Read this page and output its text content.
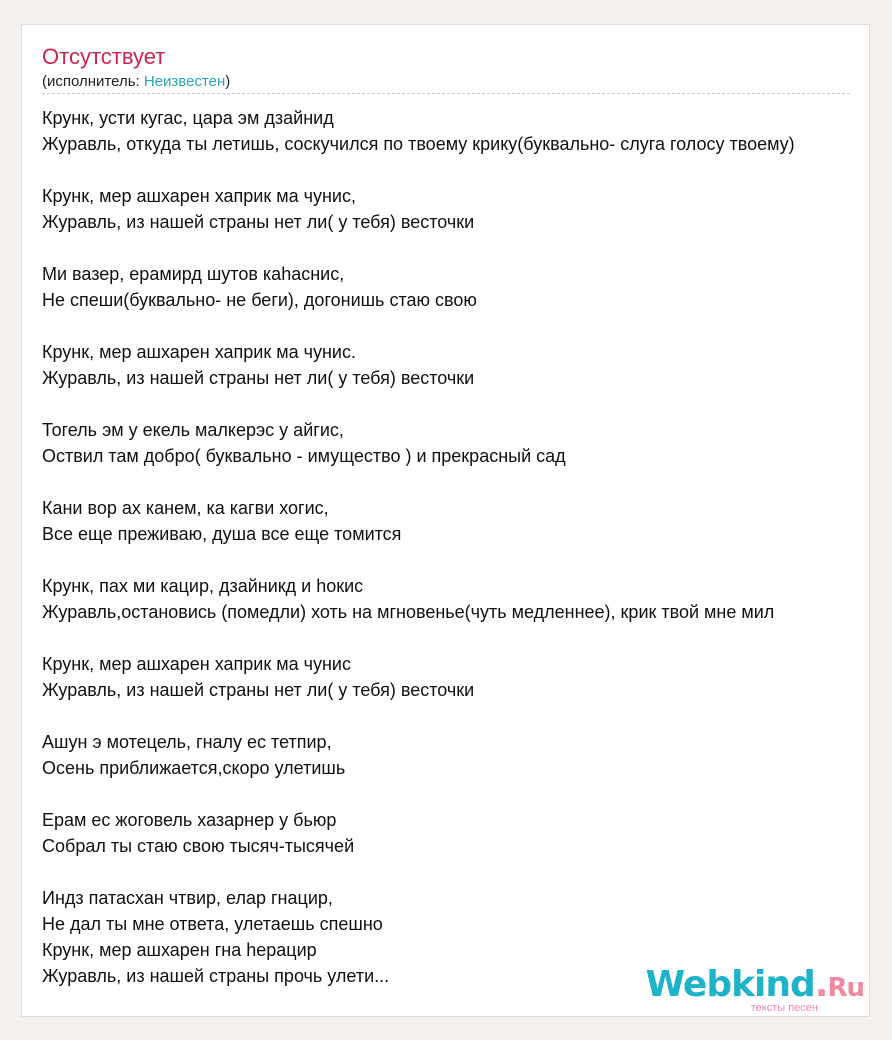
Отсутствует
(исполнитель: Неизвестен)
Крунк, усти кугас, цара эм дзайнид
Журавль, откуда ты летишь, соскучился по твоему крику(буквально- слуга голосу твоему)
Крунк, мер ашхарен хаприк ма чунис,
Журавль, из нашей страны нет ли( у тебя) весточки
Ми вазер, ерамирд шутов каhаснис,
Не спеши(буквально- не беги), догонишь стаю свою
Крунк, мер ашхарен хаприк ма чунис.
Журавль, из нашей страны нет ли( у тебя) весточки
Тогель эм у екель малкерэс у айгис,
Оствил там добро( буквально - имущество ) и прекрасный сад
Кани вор ах канем, ка кагви хогис,
Все еще преживаю, душа все еще томится
Крунк, пах ми кацир, дзайникд и hокис
Журавль,остановись (помедли) хоть на мгновенье(чуть медленнее), крик твой мне мил
Крунк, мер ашхарен хаприк ма чунис
Журавль, из нашей страны нет ли( у тебя) весточки
Ашун э мотецель, гналу ес тетпир,
Осень приближается,скоро улетишь
Ерам ес жоговель хазарнер у бьюр
Собрал ты стаю свою тысяч-тысячей
Индз патасхан чтвир, елар гнацир,
Не дал ты мне ответа, улетаешь спешно
Крунк, мер ашхарен гна hерацир
Журавль, из нашей страны прочь улети...	Webkind.Ru
тексты песен
